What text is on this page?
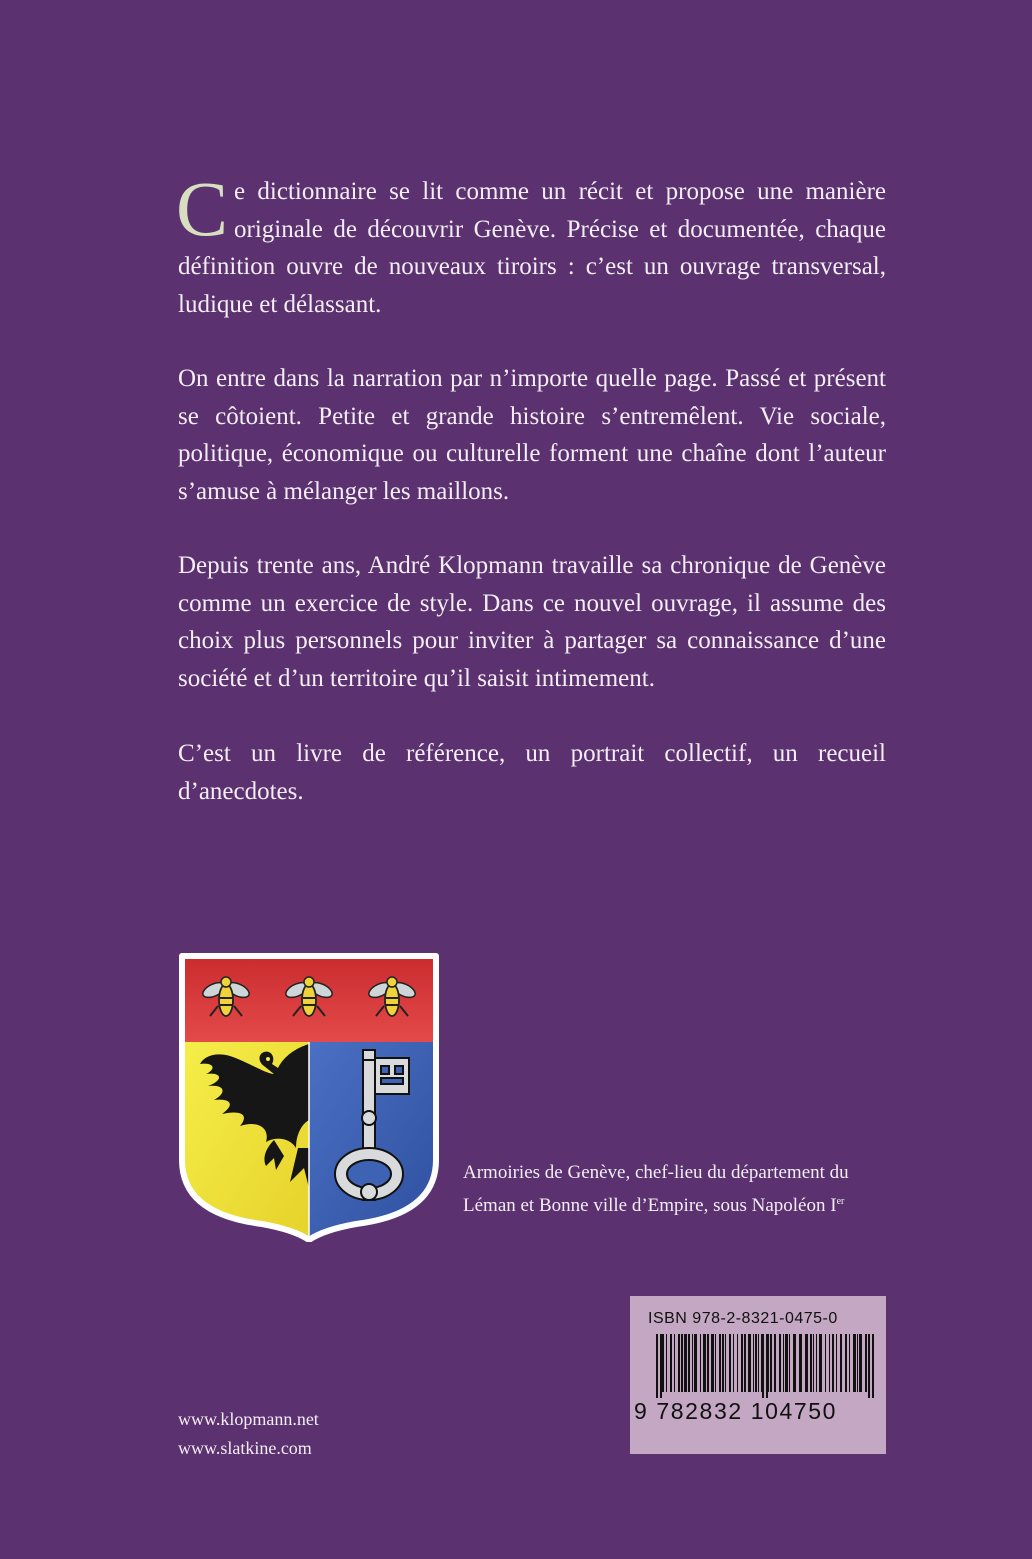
Ce dictionnaire se lit comme un récit et propose une manière originale de découvrir Genève. Précise et documentée, chaque définition ouvre de nouveaux tiroirs : c’est un ouvrage transversal, ludique et délassant.

On entre dans la narration par n’importe quelle page. Passé et présent se côtoient. Petite et grande histoire s’entremêlent. Vie sociale, politique, économique ou culturelle forment une chaîne dont l’auteur s’amuse à mélanger les maillons.

Depuis trente ans, André Klopmann travaille sa chronique de Genève comme un exercice de style. Dans ce nouvel ouvrage, il assume des choix plus personnels pour inviter à partager sa connaissance d’une société et d’un territoire qu’il saisit intimement.

C’est un livre de référence, un portrait collectif, un recueil d’anecdotes.

Armoiries de Genève, chef-lieu du département du
Léman et Bonne ville d’Empire, sous Napoléon Ier
www.klopmann.net
www.slatkine.com
ISBN 978-2-8321-0475-0
9 782832 104750
